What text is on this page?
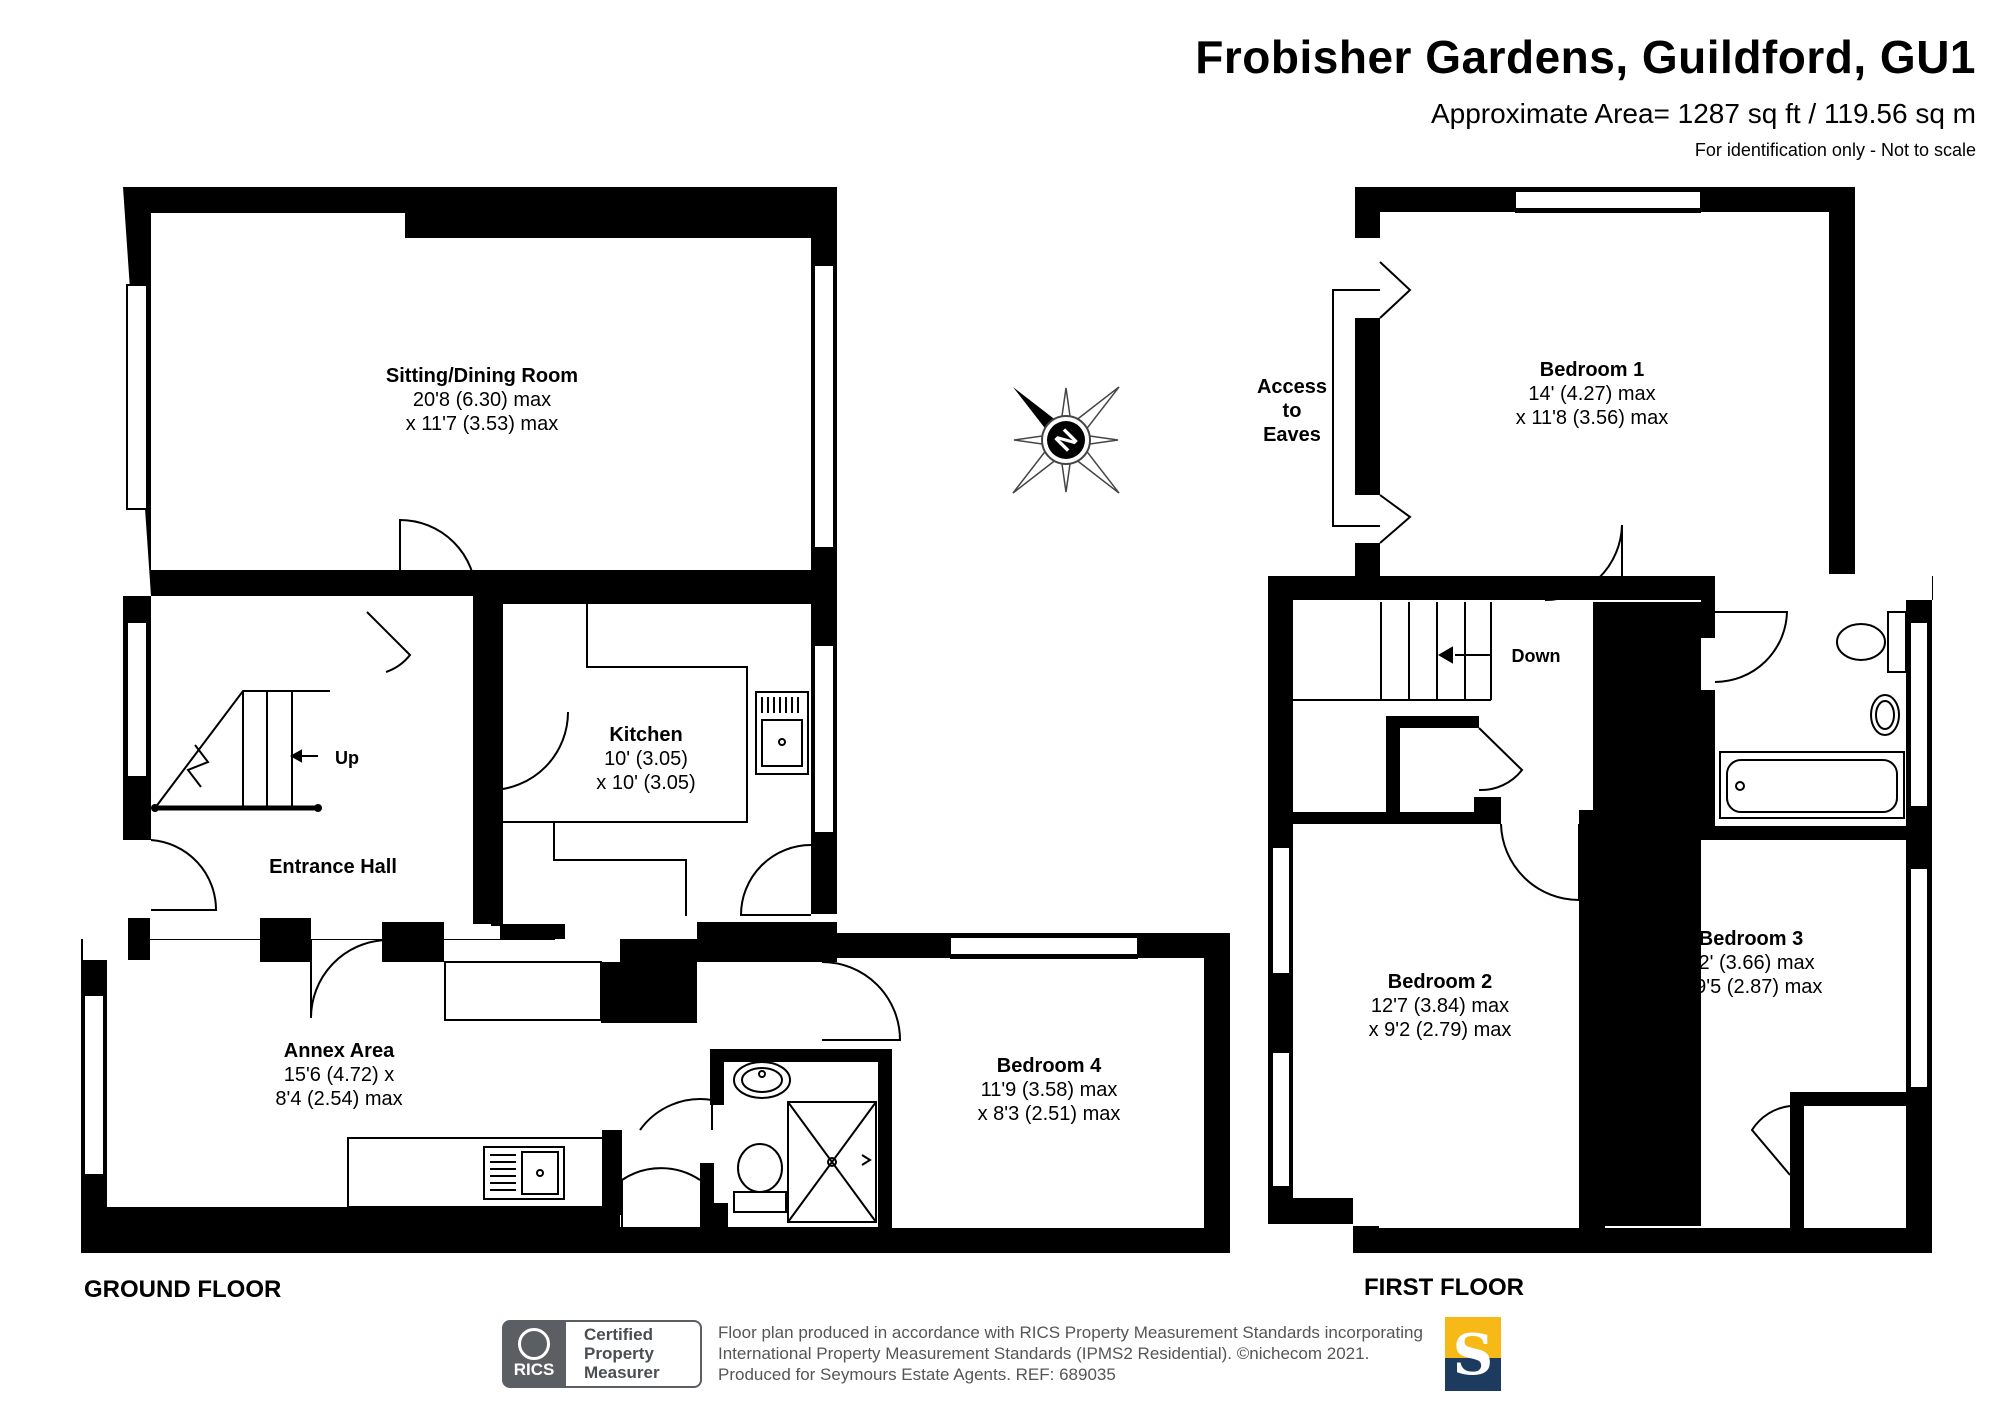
Frobisher Gardens, Guildford, GU1
Approximate Area= 1287 sq ft / 119.56 sq m
For identification only - Not to scale
N
Sitting/Dining Room
20'8 (6.30) max
x 11'7 (3.53) max
Kitchen
10' (3.05)
x 10' (3.05)
Entrance Hall
Annex Area
15'6 (4.72) x
8'4 (2.54) max
Bedroom 4
11'9 (3.58) max
x 8'3 (2.51) max
Bedroom 1
14' (4.27) max
x 11'8 (3.56) max
Bedroom 2
12'7 (3.84) max
x 9'2 (2.79) max
Bedroom 3
12' (3.66) max
x 9'5 (2.87) max
Up
Down
Access
to
Eaves
GROUND FLOOR	FIRST FLOOR
RICS
Certified
Property
Measurer
Floor plan produced in accordance with RICS Property Measurement Standards incorporating
International Property Measurement Standards (IPMS2 Residential). ©nichecom 2021.
Produced for Seymours Estate Agents. REF: 689035	S
